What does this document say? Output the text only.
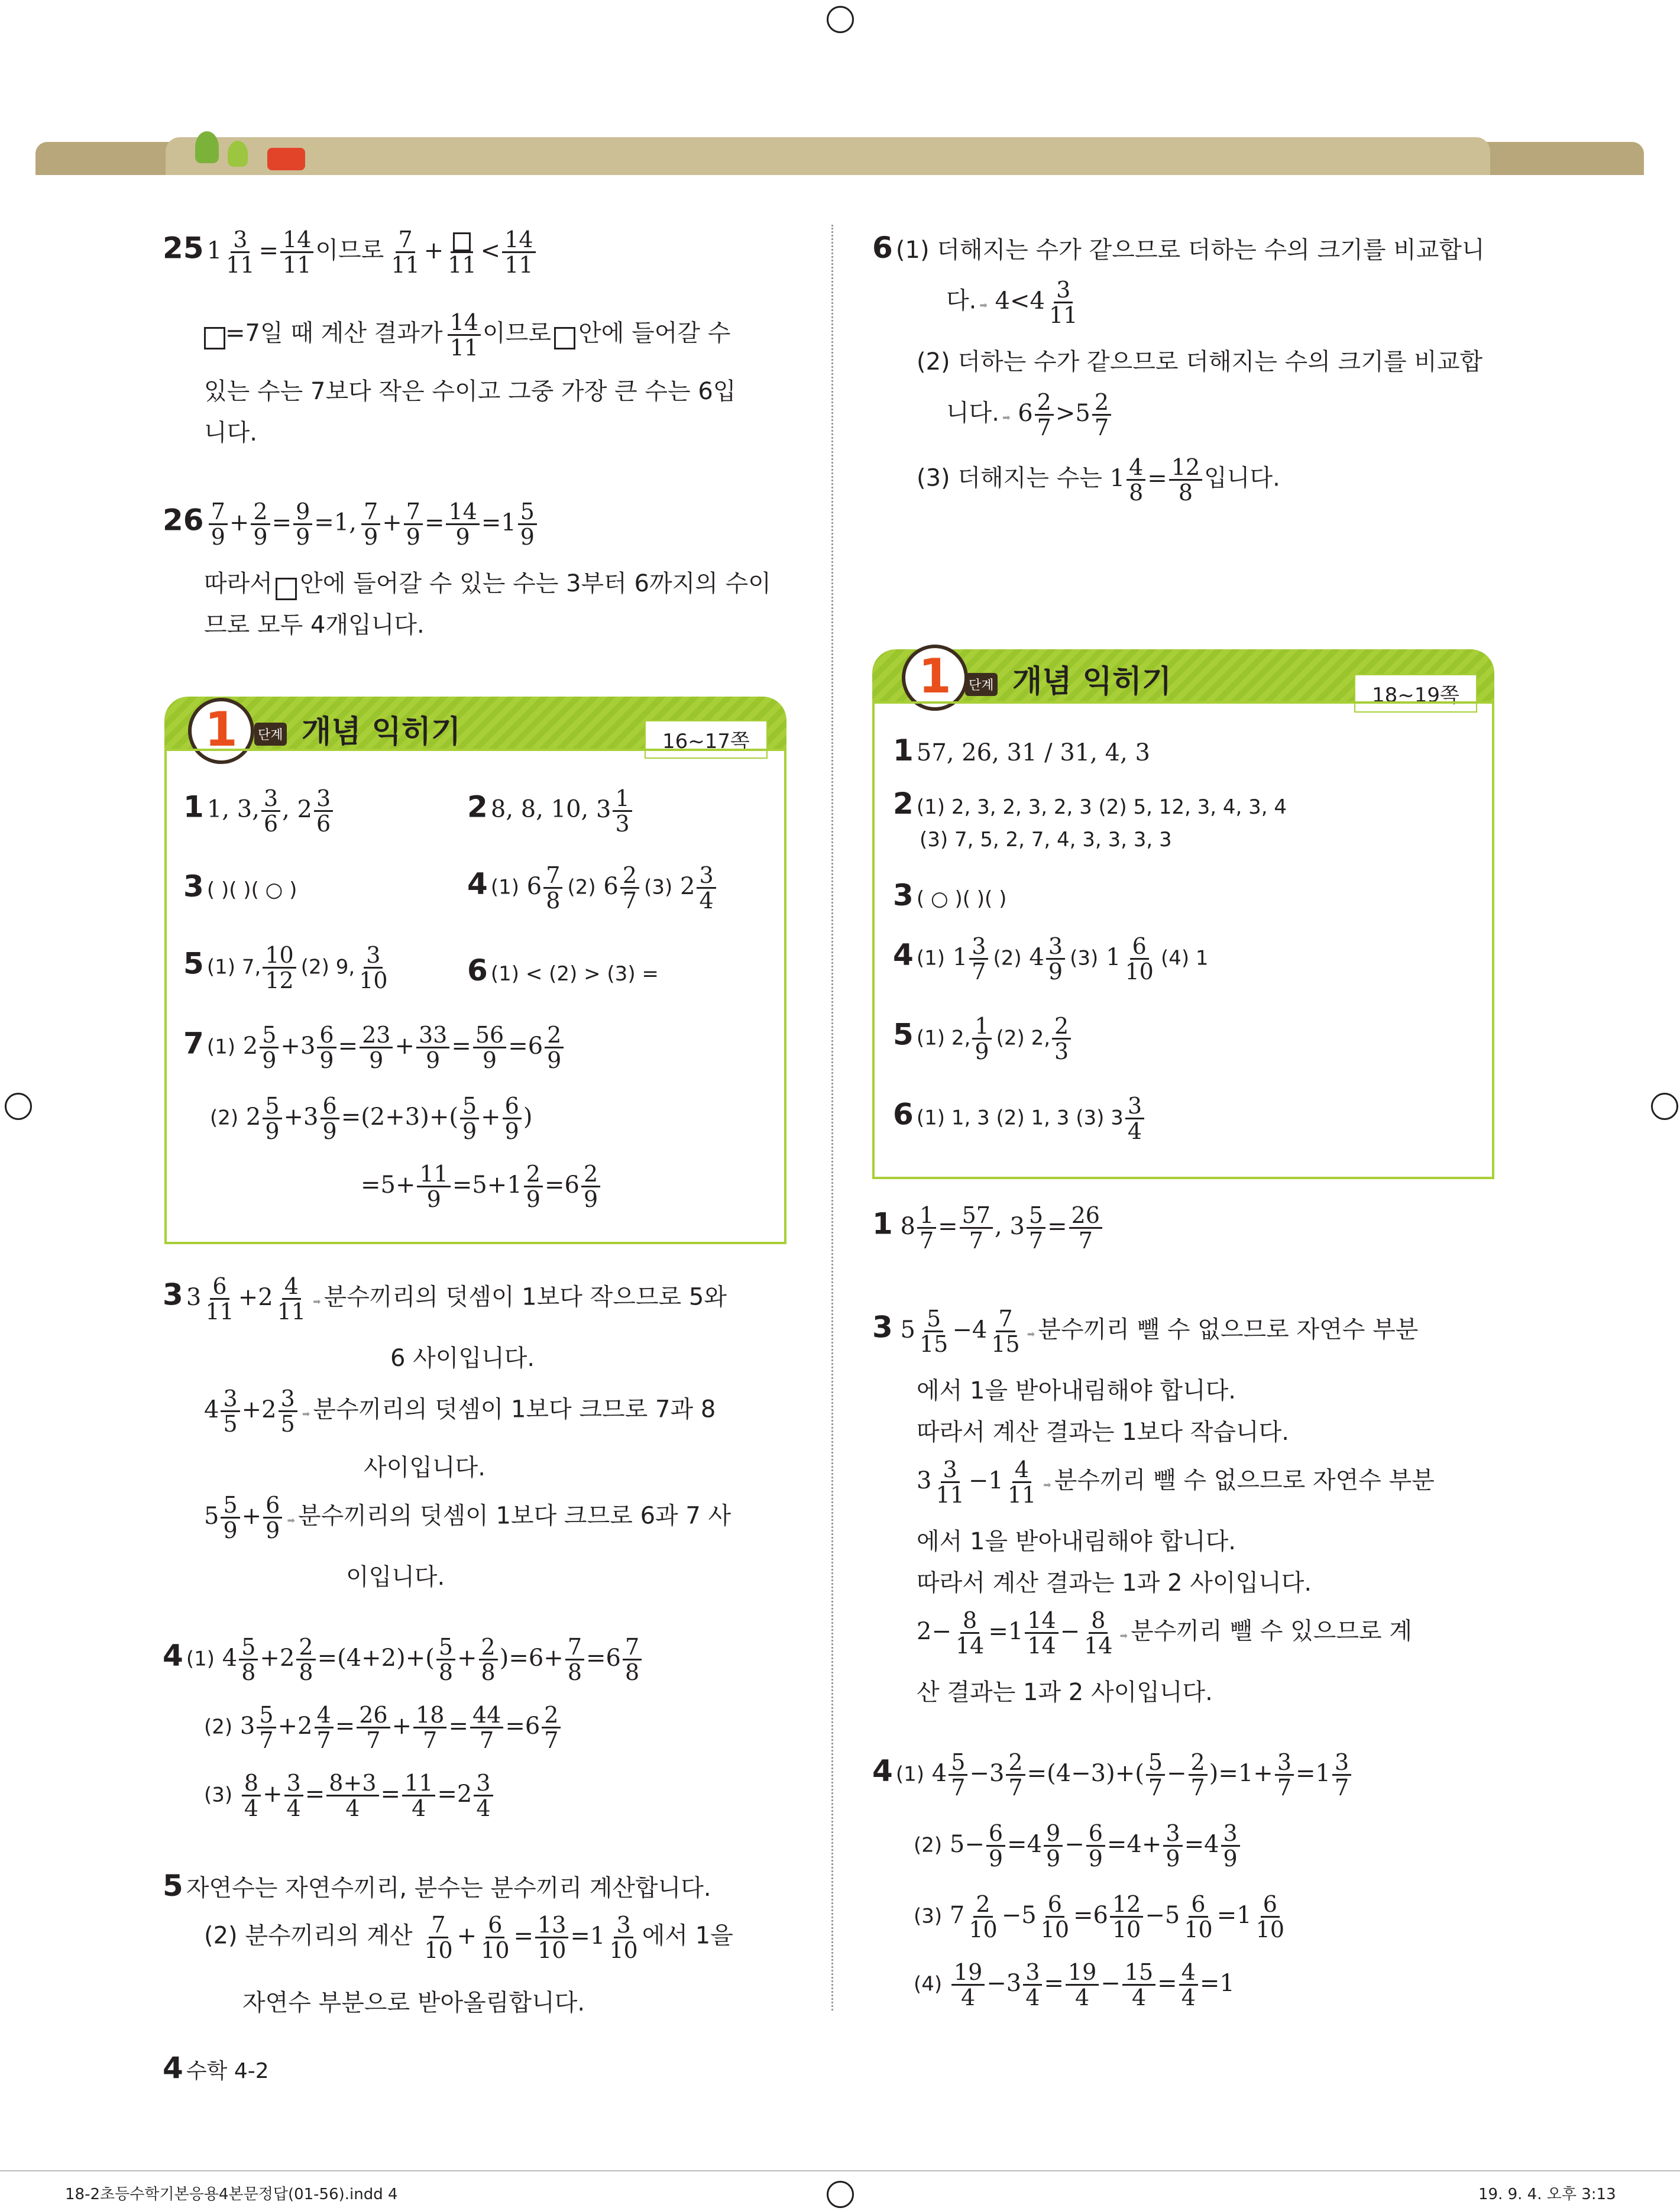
25 $1 \frac{3}{11} = \frac{14}{11}$ 이므로 $\frac{7}{11}$ +
11
< $\frac{14}{11}$
=7일 때 계산 결과가 $\frac{14}{11}$ 이므로 안에 들어갈 수
있는 수는 7보다 작은 수이고 그중 가장 큰 수는 6입
니다.
$26 \frac{7}{9} + \frac{2}{9} = \frac{9}{9} =1$, $\frac{7}{9} + \frac{7}{9} = \frac{14}{9} =1 \frac{5}{9}$
따라서 안에 들어갈 수 있는 수는 3부터 6까지의 수이
므로 모두 4개입니다.
1	단계 개념 익히기	16~17쪽
1 1, 3, $\frac{3}{6}$ , $2 \frac{3}{6}$	2 8, 8, 10, $3 \frac{1}{3}$
3 ( )( )( ○ )	4 (1) $6 \frac{7}{8} (2)$ $6 \frac{2}{7} (3)$ $2 \frac{3}{4}$
5 (1) 7, $\frac{10}{12} (2)$ 9, $\frac{3}{10}$	6 (1) < (2) > (3) =
7 (1) $2 \frac{5}{9} +3 \frac{6}{9} = \frac{23}{9} + \frac{33}{9} = \frac{56}{9} =6 \frac{2}{9}$
(2) $2 \frac{5}{9} +3 \frac{6}{9} =(2+3)+( \frac{5}{9} + \frac{6}{9}$ )
$=5+ \frac{11}{9} =5+1 \frac{2}{9} =6 \frac{2}{9}$
3 $3 \frac{6}{11} +2 \frac{4}{11}$ ➡ 분수끼리의 덧셈이 1보다 작으므로 5와
6 사이입니다.
$4 \frac{3}{5} +2 \frac{3}{5}$ ➡ 분수끼리의 덧셈이 1보다 크므로 7과 8
사이입니다.
$5 \frac{5}{9} + \frac{6}{9}$ ➡ 분수끼리의 덧셈이 1보다 크므로 6과 7 사
이입니다.
4 (1) $4 \frac{5}{8} +2 \frac{2}{8} =(4+2)+( \frac{5}{8} + \frac{2}{8} )=6+ \frac{7}{8} =6 \frac{7}{8}$
(2) $3 \frac{5}{7} +2 \frac{4}{7} = \frac{26}{7} + \frac{18}{7} = \frac{44}{7} =6 \frac{2}{7}$
$(3) \frac{8}{4} + \frac{3}{4} = \frac{8+3}{4} = \frac{11}{4} =2 \frac{3}{4}$
5 자연수는 자연수끼리, 분수는 분수끼리 계산합니다.
(2) 분수끼리의 계산 $\frac{7}{10} + \frac{6}{10} = \frac{13}{10} =1 \frac{3}{10}$ 에서 1을
자연수 부분으로 받아올림합니다.
4 수학 4-2
6 (1) 더해지는 수가 같으므로 더하는 수의 크기를 비교합니
다. ➡ $4<4 \frac{3}{11}$
(2) 더하는 수가 같으므로 더해지는 수의 크기를 비교합
니다. ➡ $6 \frac{2}{7} >5 \frac{2}{7}$
(3) 더해지는 수는 $1 \frac{4}{8} = \frac{12}{8}$ 입니다.
1	단계 개념 익히기	18~19쪽
1 57, 26, 31 / 31, 4, 3
2 (1) 2, 3, 2, 3, 2, 3 (2) 5, 12, 3, 4, 3, 4
(3) 7, 5, 2, 7, 4, 3, 3, 3, 3
3 ( ○ )( )( )
4 (1) $1 \frac{3}{7} (2)$ $4 \frac{3}{9} (3)$ $1 \frac{6}{10} (4)$ 1
5 (1) 2, $\frac{1}{9} (2)$ 2, $\frac{2}{3}$
6 (1) 1, 3 (2) 1, 3 (3) $3 \frac{3}{4}$
1 $8 \frac{1}{7} = \frac{57}{7}$ , $3 \frac{5}{7} = \frac{26}{7}$
3 $5 \frac{5}{15} -4 \frac{7}{15}$ ➡ 분수끼리 뺄 수 없으므로 자연수 부분
에서 1을 받아내림해야 합니다.
따라서 계산 결과는 1보다 작습니다.
$3 \frac{3}{11} -1 \frac{4}{11}$ ➡ 분수끼리 뺄 수 없으므로 자연수 부분
에서 1을 받아내림해야 합니다.
따라서 계산 결과는 1과 2 사이입니다.
$2- \frac{8}{14} =1 \frac{14}{14} - \frac{8}{14}$ ➡ 분수끼리 뺄 수 있으므로 계
산 결과는 1과 2 사이입니다.
4 (1) $4 \frac{5}{7} -3 \frac{2}{7} =(4-3)+( \frac{5}{7} - \frac{2}{7} )=1+ \frac{3}{7} =1 \frac{3}{7}$
(2) $5- \frac{6}{9} =4 \frac{9}{9} - \frac{6}{9} =4+ \frac{3}{9} =4 \frac{3}{9}$
(3) $7 \frac{2}{10} -5 \frac{6}{10} =6 \frac{12}{10} -5 \frac{6}{10} =1 \frac{6}{10}$
$(4) \frac{19}{4} -3 \frac{3}{4} = \frac{19}{4} - \frac{15}{4} = \frac{4}{4} =1$
18-2초등수학기본응용4본문정답(01-56).indd 4	19. 9. 4. 오후 3:13
